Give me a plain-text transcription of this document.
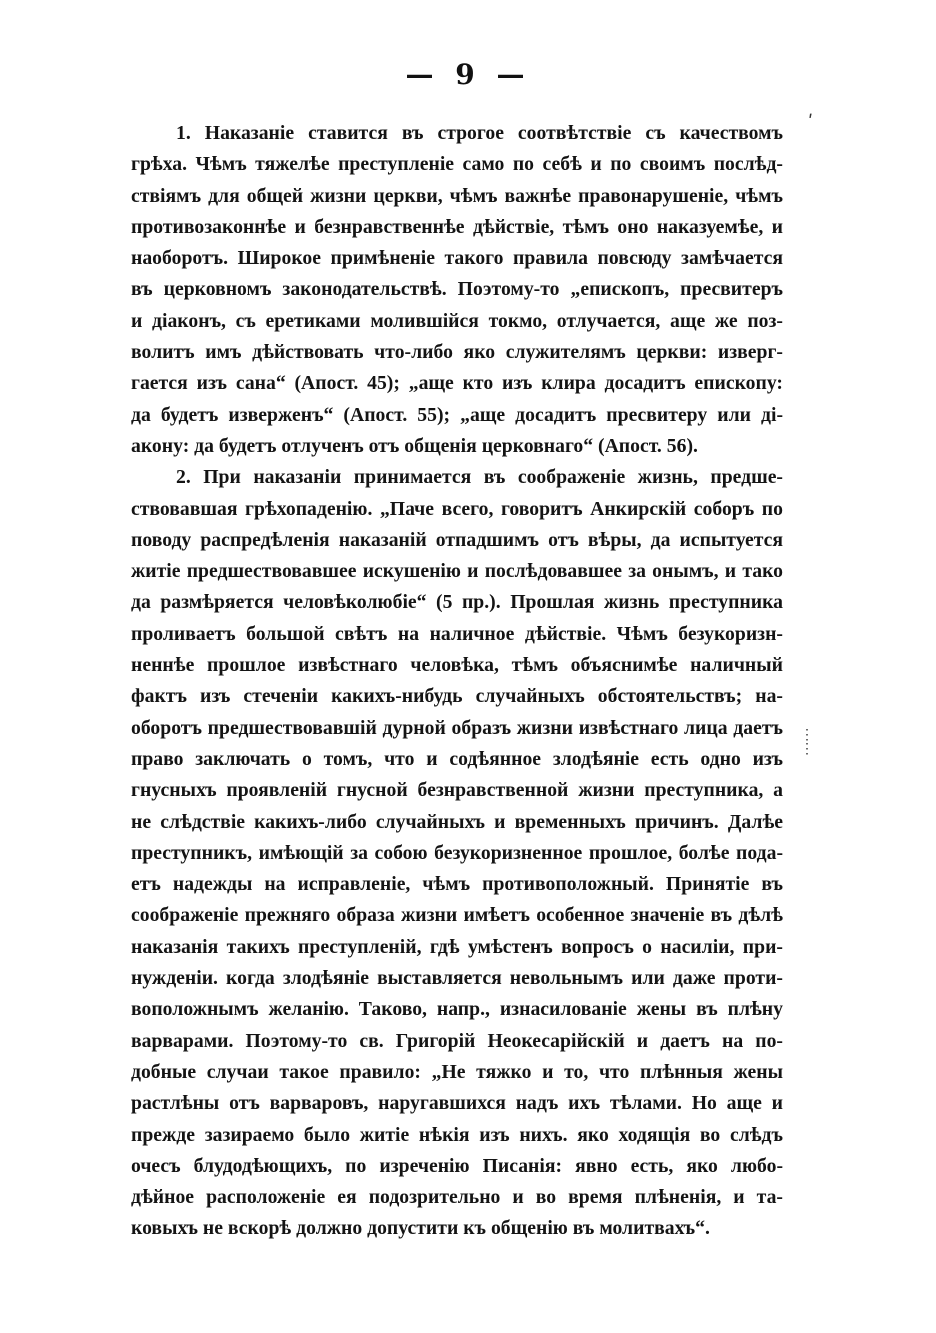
— 9 —
ʹ
⋮
⋮
1. Наказанiе ставится въ строгое соотвѣтствiе съ качествомъ
грѣха. Чѣмъ тяжелѣе преступленiе само по себѣ и по своимъ послѣд-
ствiямъ для общей жизни церкви, чѣмъ важнѣе правонарушенiе, чѣмъ
противозаконнѣе и безнравственнѣе дѣйствiе, тѣмъ оно наказуемѣе, и
наоборотъ. Широкое примѣненiе такого правила повсюду замѣчается
въ церковномъ законодательствѣ. Поэтому-то „епископъ, пресвитеръ
и дiаконъ, съ еретиками молившiйся токмо, отлучается, аще же поз-
волитъ имъ дѣйствовать что-либо яко служителямъ церкви: изверг-
гается изъ сана“ (Апост. 45); „аще кто изъ клира досадитъ епископу:
да будетъ изверженъ“ (Апост. 55); „аще досадитъ пресвитеру или дi-
акону: да будетъ отлученъ отъ общенiя церковнаго“ (Апост. 56).
2. При наказанiи принимается въ соображенiе жизнь, предше-
ствовавшая грѣхопаденiю. „Паче всего, говоритъ Анкирскiй соборъ по
поводу распредѣленiя наказанiй отпадшимъ отъ вѣры, да испытуется
житiе предшествовавшее искушенiю и послѣдовавшее за онымъ, и тако
да размѣряется человѣколюбiе“ (5 пр.). Прошлая жизнь преступника
проливаетъ большой свѣтъ на наличное дѣйствiе. Чѣмъ безукоризн-
неннѣе прошлое извѣстнаго человѣка, тѣмъ объяснимѣе наличный
фактъ изъ стеченiи какихъ-нибудь случайныхъ обстоятельствъ; на-
оборотъ предшествовавшiй дурной образъ жизни извѣстнаго лица даетъ
право заключать о томъ, что и содѣянное злодѣянiе есть одно изъ
гнусныхъ проявленiй гнусной безнравственной жизни преступника, а
не слѣдствiе какихъ-либо случайныхъ и временныхъ причинъ. Далѣе
преступникъ, имѣющiй за собою безукоризненное прошлое, болѣе пода-
етъ надежды на исправленiе, чѣмъ противоположный. Принятiе въ
соображенiе прежняго образа жизни имѣетъ особенное значенiе въ дѣлѣ
наказанiя такихъ преступленiй, гдѣ умѣстенъ вопросъ о насилiи, при-
нужденiи. когда злодѣянiе выставляется невольнымъ или даже проти-
воположнымъ желанiю. Таково, напр., изнасилованiе жены въ плѣну
варварами. Поэтому-то св. Григорiй Неокесарiйскiй и даетъ на по-
добные случаи такое правило: „Не тяжко и то, что плѣнныя жены
растлѣны отъ варваровъ, наругавшихся надъ ихъ тѣлами. Но аще и
прежде зазираемо было житiе нѣкiя изъ нихъ. яко ходящiя во слѣдъ
очесъ блудодѣющихъ, по изреченiю Писанiя: явно есть, яко любо-
дѣйное расположенiе ея подозрительно и во время плѣненiя, и та-
ковыхъ не вскорѣ должно допустити къ общенiю въ молитвахъ“.
